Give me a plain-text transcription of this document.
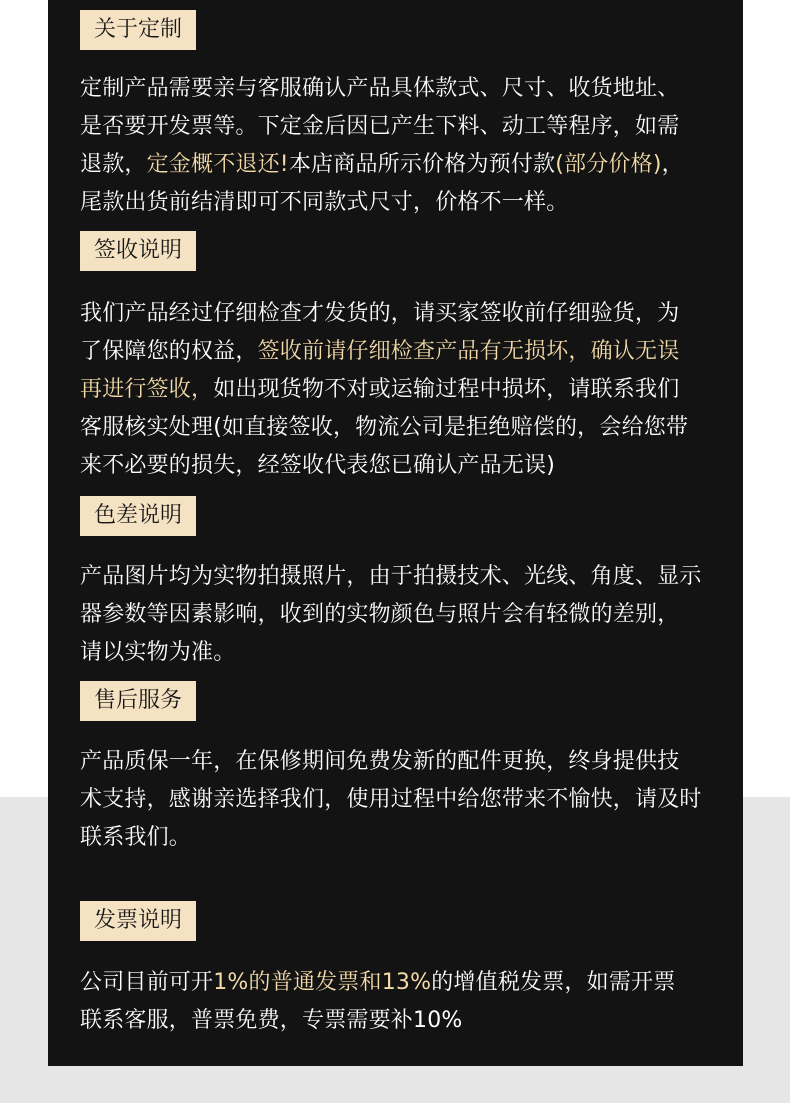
关于定制

定制产品需要亲与客服确认产品具体款式、尺寸、收货地址、
是否要开发票等。下定金后因已产生下料、动工等程序，如需
退款，定金概不退还!本店商品所示价格为预付款(部分价格)，
尾款出货前结清即可不同款式尺寸，价格不一样。

签收说明

我们产品经过仔细检查才发货的，请买家签收前仔细验货，为
了保障您的权益，签收前请仔细检查产品有无损坏，确认无误
再进行签收，如出现货物不对或运输过程中损坏，请联系我们
客服核实处理(如直接签收，物流公司是拒绝赔偿的，会给您带
来不必要的损失，经签收代表您已确认产品无误)

色差说明

产品图片均为实物拍摄照片，由于拍摄技术、光线、角度、显示
器参数等因素影响，收到的实物颜色与照片会有轻微的差别，
请以实物为准。

售后服务

产品质保一年，在保修期间免费发新的配件更换，终身提供技
术支持，感谢亲选择我们，使用过程中给您带来不愉快，请及时
联系我们。

发票说明

公司目前可开1%的普通发票和13%的增值税发票，如需开票
联系客服，普票免费，专票需要补10%
